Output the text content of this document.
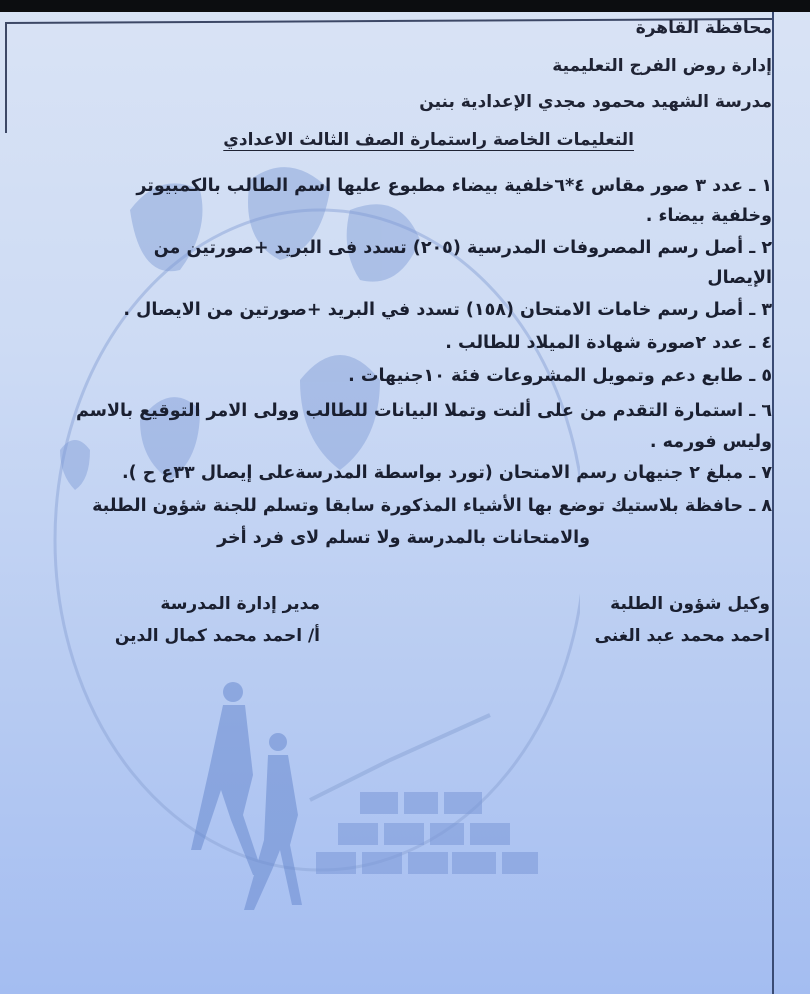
محافظة القاهرة
إدارة روض الفرج التعليمية
مدرسة الشهيد محمود مجدي الإعدادية بنين
التعليمات الخاصة راستمارة الصف الثالث الاعدادي
١ ـ عدد ٣ صور مقاس ٤*٦خلفية بيضاء مطبوع عليها اسم الطالب بالكمبيوتر
وخلفية بيضاء .
٢ ـ أصل رسم المصروفات المدرسية (٢٠٥) تسدد فى البريد +صورتين من
الإيصال
٣ ـ أصل رسم خامات الامتحان (١٥٨) تسدد في البريد +صورتين من الايصال .
٤ ـ عدد ٢صورة شهادة الميلاد للطالب .
٥ ـ طابع دعم وتمويل المشروعات فئة ١٠جنيهات .
٦ ـ استمارة التقدم من على ألنت وتملا البيانات للطالب وولى الامر التوقيع بالاسم
وليس فورمه .
٧ ـ مبلغ ٢ جنيهان رسم الامتحان (تورد بواسطة المدرسةعلى إيصال ٣٣ع ح ).
٨ ـ حافظة بلاستيك توضع بها الأشياء المذكورة سابقا وتسلم للجنة شؤون الطلبة
والامتحانات بالمدرسة ولا تسلم لاى فرد أخر
وكيل شؤون الطلبة
احمد محمد عبد الغنى
مدير إدارة المدرسة
أ/ احمد محمد كمال الدين
